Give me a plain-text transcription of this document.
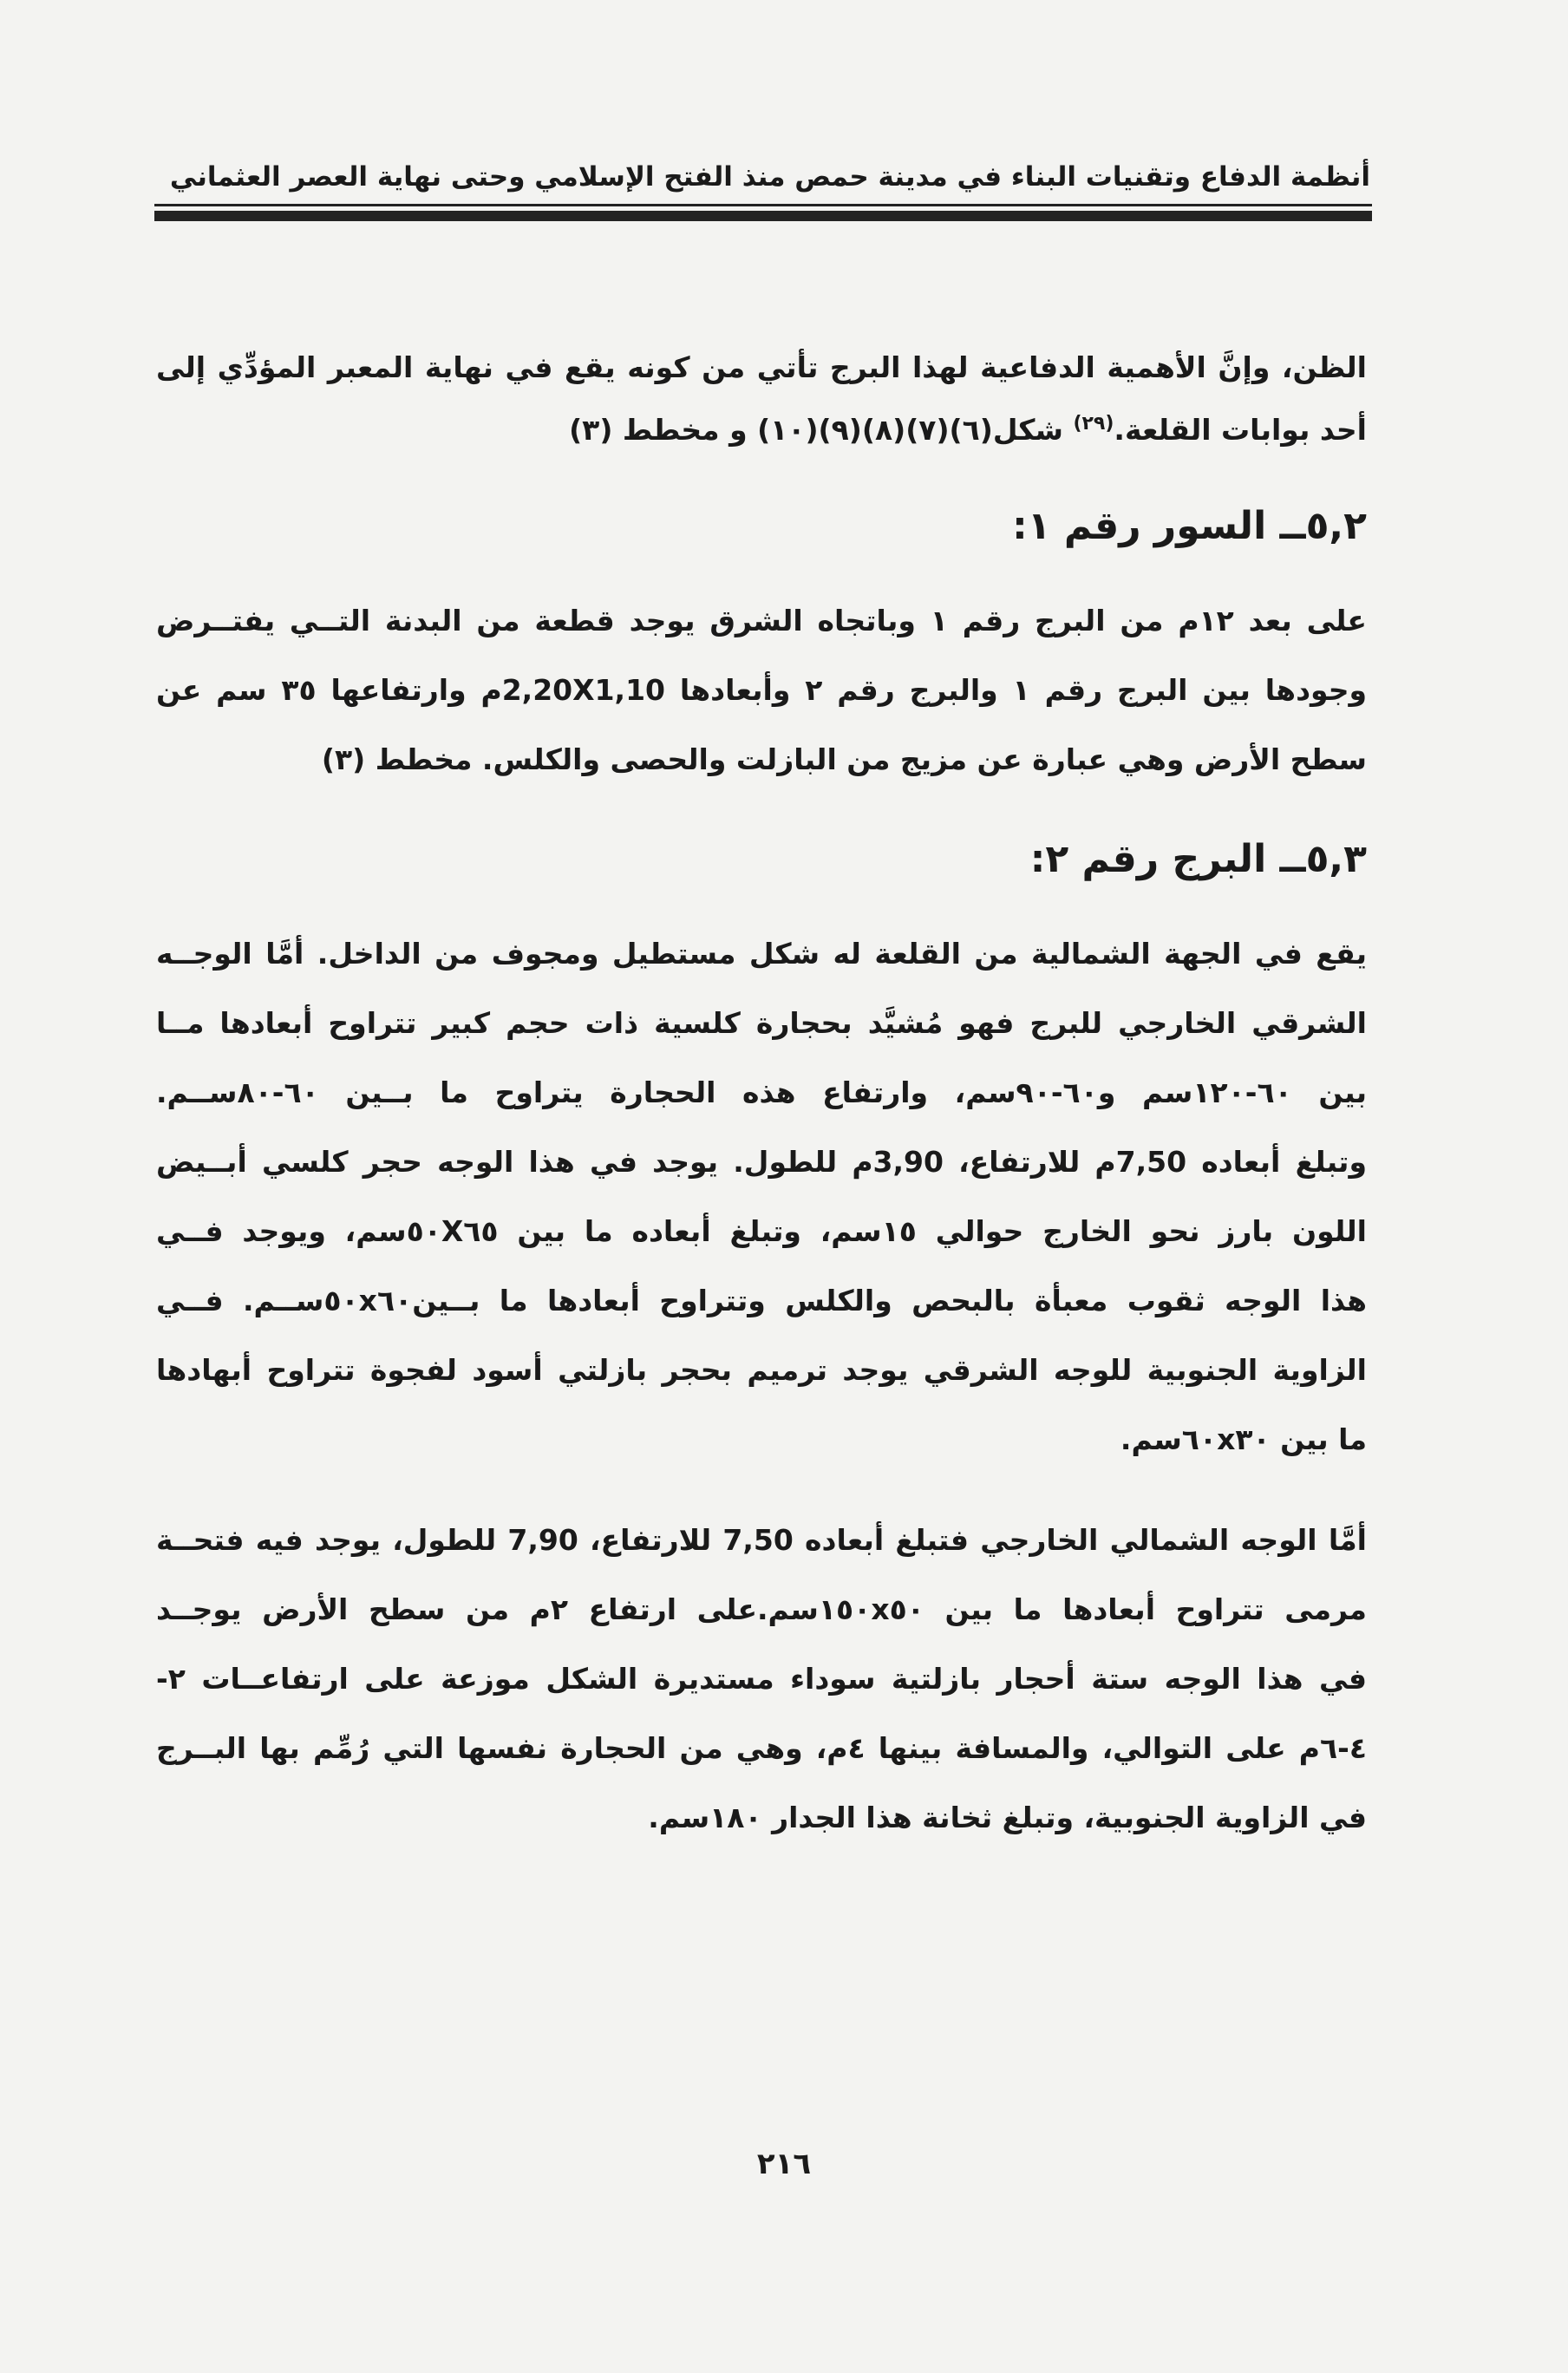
أنظمة الدفاع وتقنيات البناء في مدينة حمص منذ الفتح الإسلامي وحتى نهاية العصر العثماني
الظن، وإنَّ الأهمية الدفاعية لهذا البرج تأتي من كونه يقع في نهاية المعبر المؤدِّي إلى
أحد بوابات القلعة.$^{(٢٩)}$ شكل(٦)(٧)(٨)(٩)(١٠) و مخطط (٣)
٥,٢ــ السور رقم ١:
على بعد ١٢م من البرج رقم ١ وباتجاه الشرق يوجد قطعة من البدنة التــي يفتــرض
وجودها بين البرج رقم ١ والبرج رقم ٢ وأبعادها 2,20X1,10م وارتفاعها ٣٥ سم عن
سطح الأرض وهي عبارة عن مزيج من البازلت والحصى والكلس. مخطط (٣)
٥,٣ــ البرج رقم ٢:
يقع في الجهة الشمالية من القلعة له شكل مستطيل ومجوف من الداخل. أمَّا الوجــه
الشرقي الخارجي للبرج فهو مُشيَّد بحجارة كلسية ذات حجم كبير تتراوح أبعادها مــا
بين ٦٠-١٢٠سم و٦٠-٩٠سم، وارتفاع هذه الحجارة يتراوح ما بــين ٦٠-٨٠ســم.
وتبلغ أبعاده 7,50م للارتفاع، 3,90م للطول. يوجد في هذا الوجه حجر كلسي أبــيض
اللون بارز نحو الخارج حوالي ١٥سم، وتبلغ أبعاده ما بين ٥٠X٦٥سم، ويوجد فــي
هذا الوجه ثقوب معبأة بالبحص والكلس وتتراوح أبعادها ما بــين٥٠x٦٠ســم. فــي
الزاوية الجنوبية للوجه الشرقي يوجد ترميم بحجر بازلتي أسود لفجوة تتراوح أبهادها
ما بين ٦٠x٣٠سم.
أمَّا الوجه الشمالي الخارجي فتبلغ أبعاده 7,50 للارتفاع، 7,90 للطول، يوجد فيه فتحــة
مرمى تتراوح أبعادها ما بين ١٥٠x٥٠سم.على ارتفاع ٢م من سطح الأرض يوجــد
في هذا الوجه ستة أحجار بازلتية سوداء مستديرة الشكل موزعة على ارتفاعــات ٢-
٤-٦م على التوالي، والمسافة بينها ٤م، وهي من الحجارة نفسها التي رُمِّم بها البــرج
في الزاوية الجنوبية، وتبلغ ثخانة هذا الجدار ١٨٠سم.
٢١٦
